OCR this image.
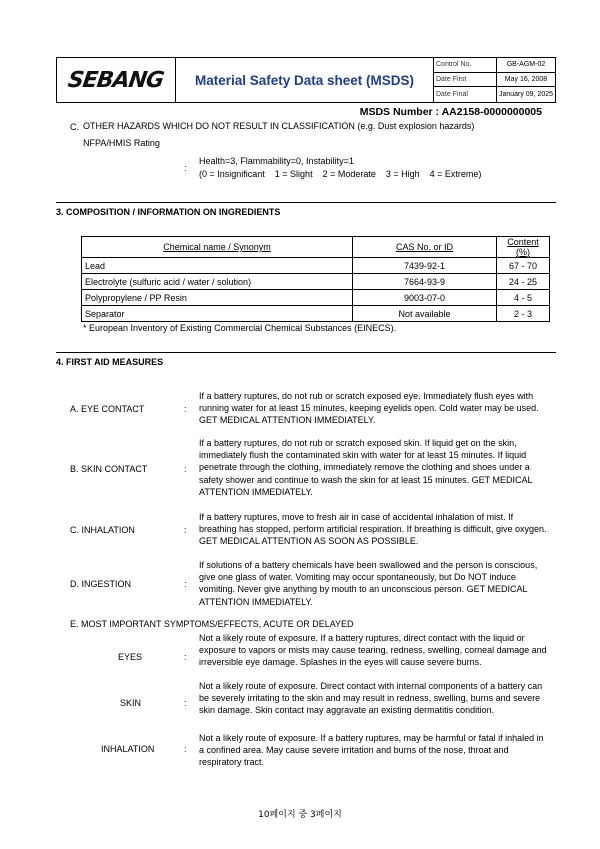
SEBANG	Material Safety Data sheet (MSDS)
Control No.	GB-AGM-02
Date First	May 16, 2008
Date Final	January 09, 2025
MSDS Number : AA2158-0000000005
C. OTHER HAZARDS WHICH DO NOT RESULT IN CLASSIFICATION (e.g. Dust explosion hazards)
NFPA/HMIS Rating
:
Health=3, Flammability=0, Instability=1
(0 = Insignificant    1 = Slight    2 = Moderate    3 = High    4 = Extreme)
3. COMPOSITION / INFORMATION ON INGREDIENTS
Chemical name / Synonym	CAS No. or ID	Content (%)
Lead	7439-92-1	67 - 70
Electrolyte (sulfuric acid / water / solution)	7664-93-9	24 - 25
Polypropylene / PP Resin	9003-07-0	4 - 5
Separator	Not available	2 - 3
* European Inventory of Existing Commercial Chemical Substances (EINECS).
4. FIRST AID MEASURES
A. EYE CONTACT	:
If a battery ruptures, do not rub or scratch exposed eye. Immediately flush eyes with running water for at least 15 minutes, keeping eyelids open. Cold water may be used. GET MEDICAL ATTENTION IMMEDIATELY.
B. SKIN CONTACT	:
If a battery ruptures, do not rub or scratch exposed skin. If liquid get on the skin, immediately flush the contaminated skin with water for at least 15 minutes. If liquid penetrate through the clothing, immediately remove the clothing and shoes under a safety shower and continue to wash the skin for at least 15 minutes. GET MEDICAL ATTENTION IMMEDIATELY.
C. INHALATION	:
If a battery ruptures, move to fresh air in case of accidental inhalation of mist. If breathing has stopped, perform artificial respiration. If breathing is difficult, give oxygen. GET MEDICAL ATTENTION AS SOON AS POSSIBLE.
D. INGESTION	:
If solutions of a battery chemicals have been swallowed and the person is conscious, give one glass of water. Vomiting may occur spontaneously, but Do NOT induce vomiting. Never give anything by mouth to an unconscious person. GET MEDICAL ATTENTION IMMEDIATELY.
E. MOST IMPORTANT SYMPTOMS/EFFECTS, ACUTE OR DELAYED
EYES	:
Not a likely route of exposure. If a battery ruptures, direct contact with the liquid or exposure to vapors or mists may cause tearing, redness, swelling, corneal damage and irreversible eye damage. Splashes in the eyes will cause severe burns.
SKIN	:
Not a likely route of exposure. Direct contact with internal components of a battery can be severely irritating to the skin and may result in redness, swelling, burns and severe skin damage. Skin contact may aggravate an existing dermatitis condition.
INHALATION	:
Not a likely route of exposure. If a battery ruptures, may be harmful or fatal if inhaled in a confined area. May cause severe irritation and burns of the nose, throat and respiratory tract.
10페이지 중 3페이지
